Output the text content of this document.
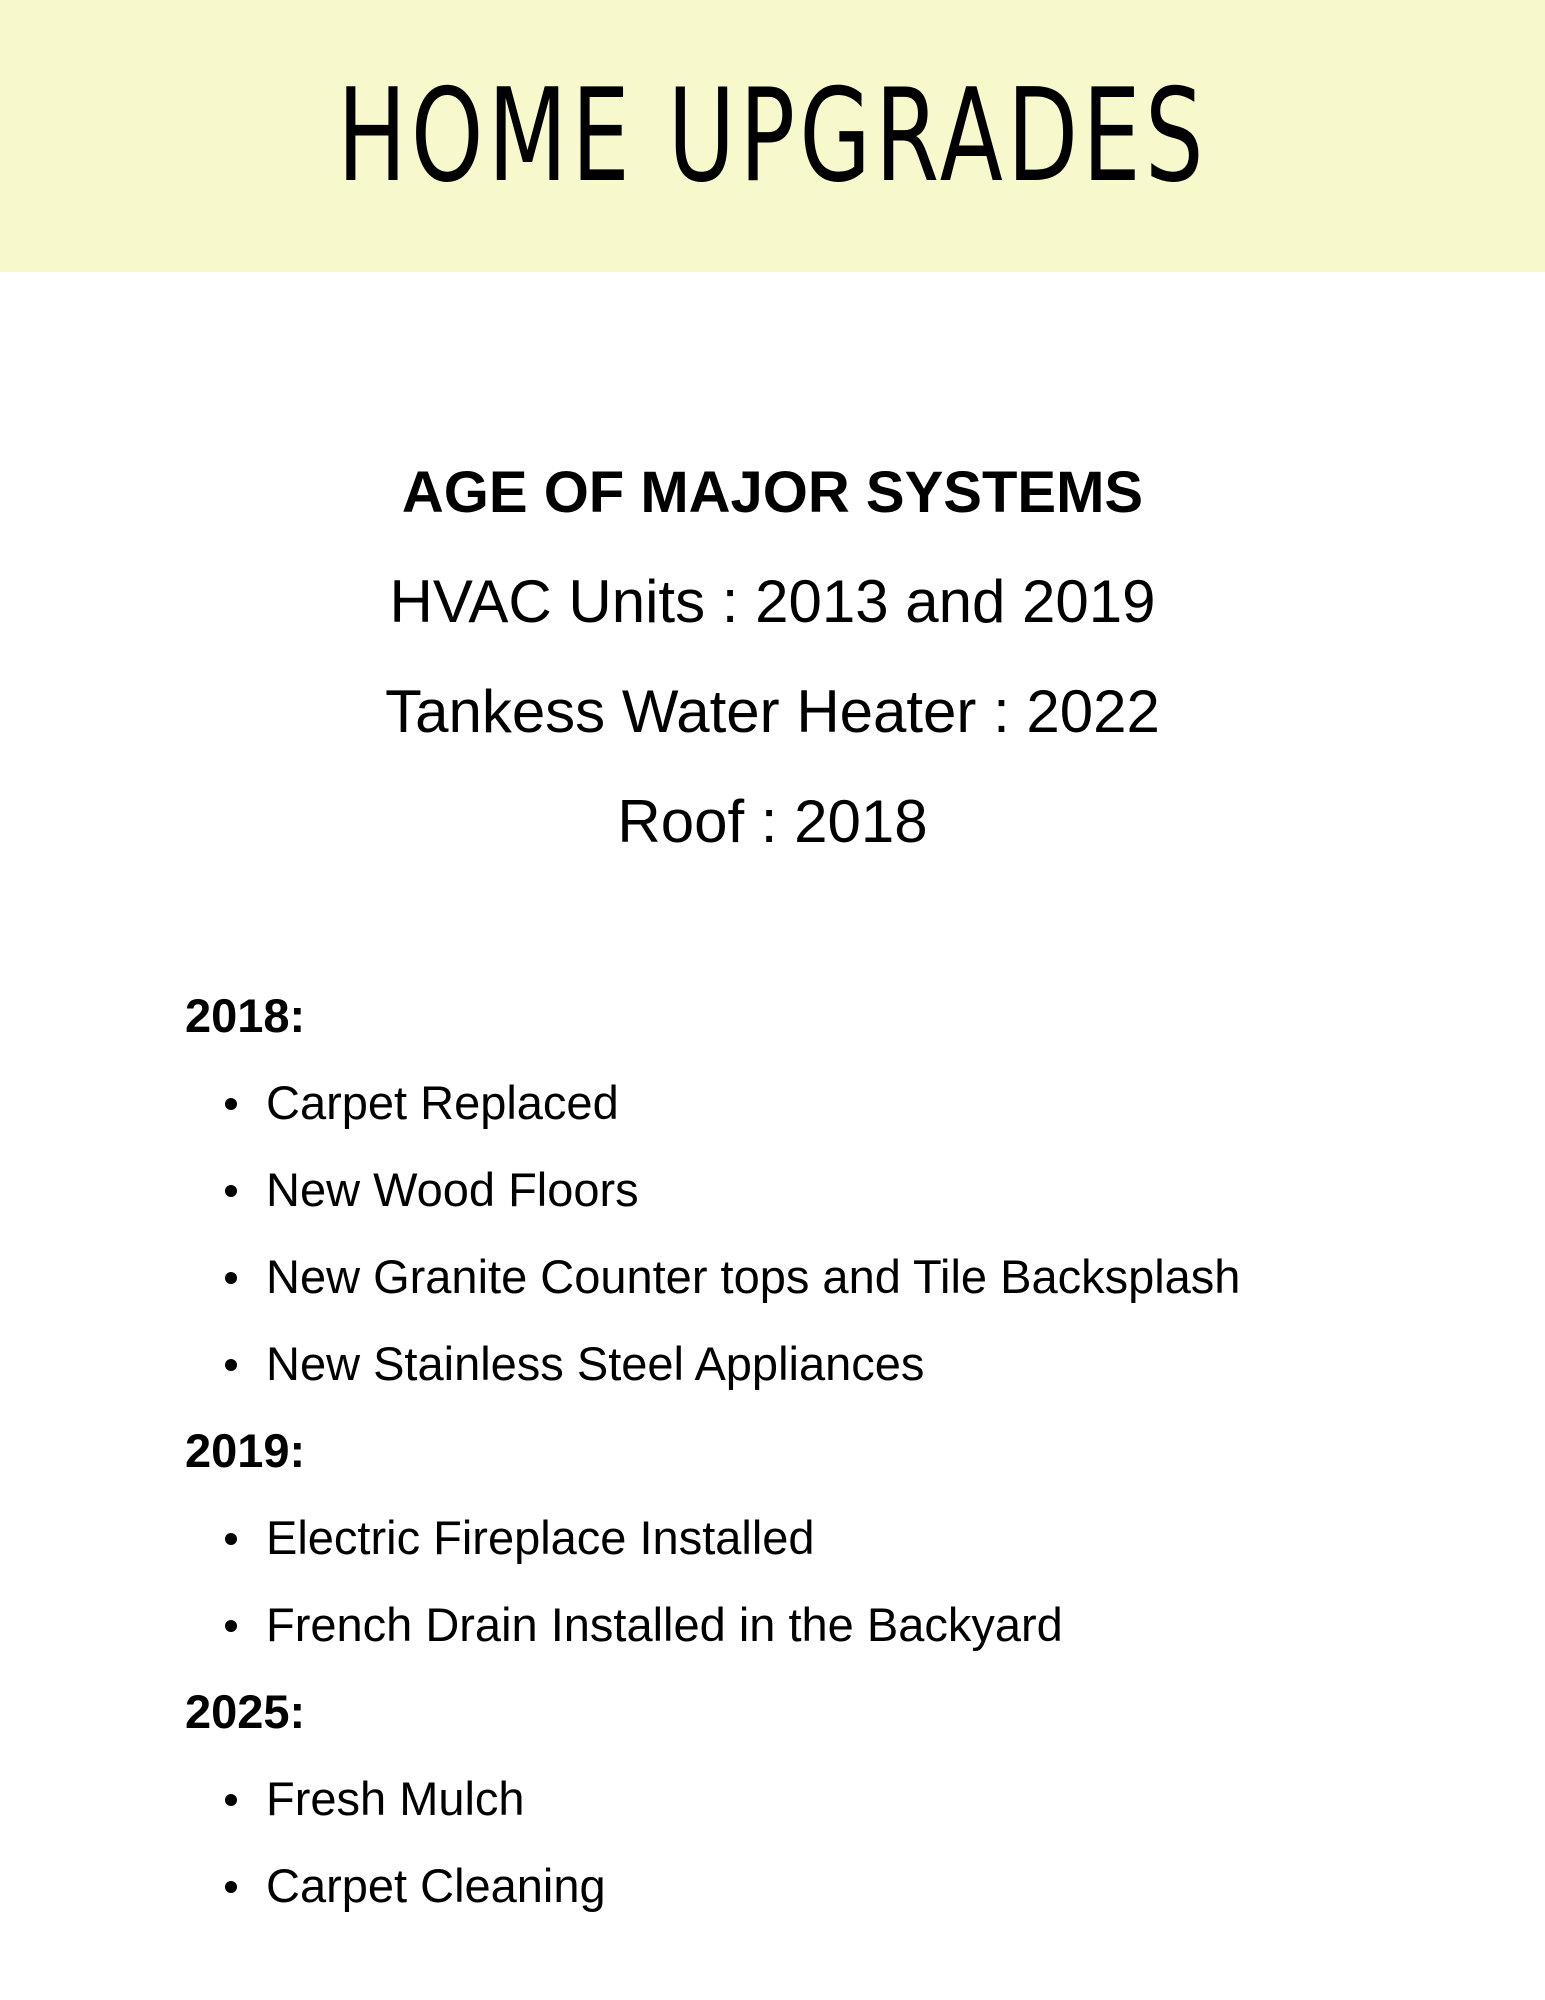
HOME UPGRADES
AGE OF MAJOR SYSTEMS
HVAC Units : 2013 and 2019
Tankess Water Heater : 2022
Roof : 2018
2018:
Carpet Replaced
New Wood Floors
New Granite Counter tops and Tile Backsplash
New Stainless Steel Appliances
2019:
Electric Fireplace Installed
French Drain Installed in the Backyard
2025:
Fresh Mulch
Carpet Cleaning
